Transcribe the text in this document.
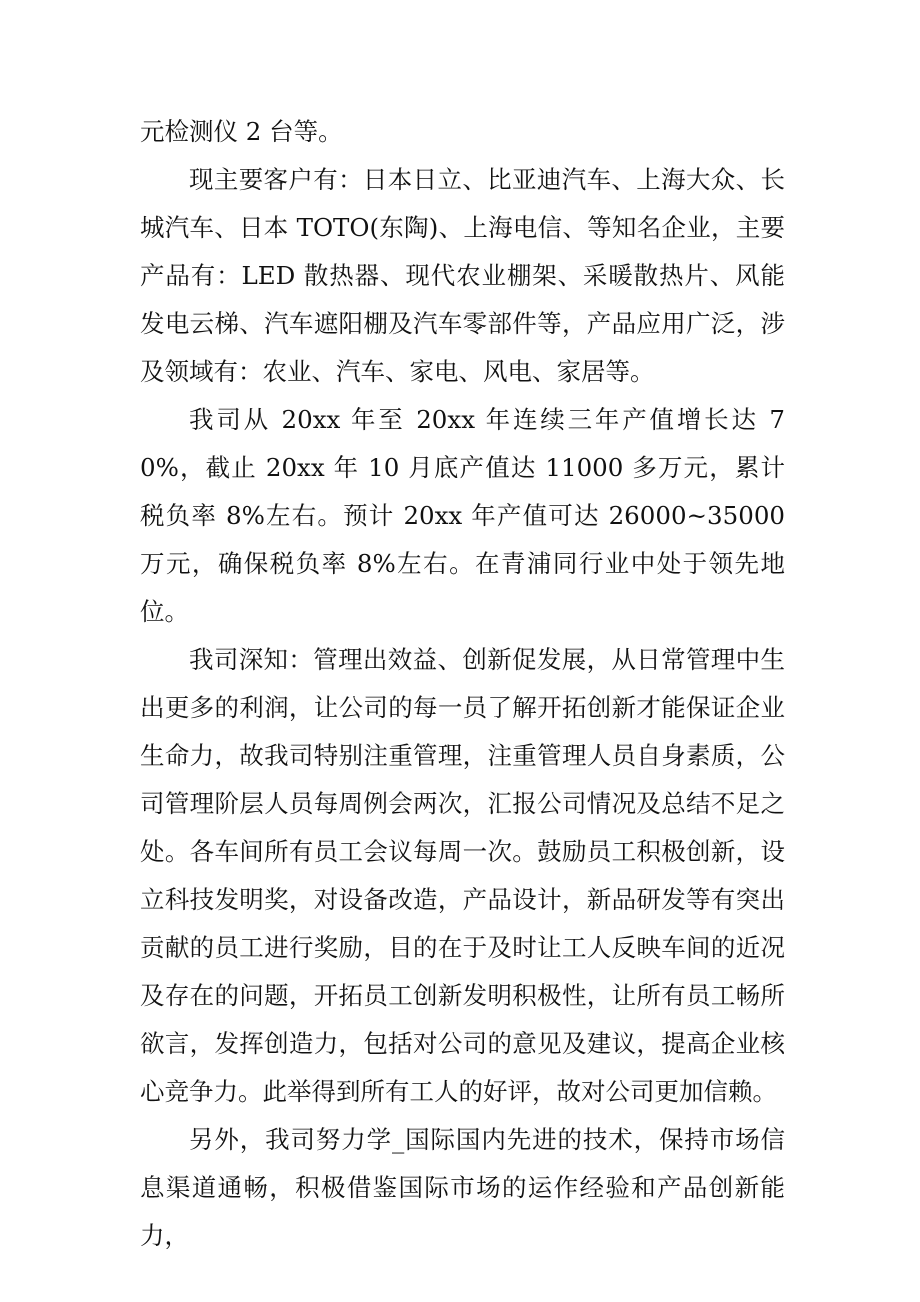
元检测仪 2 台等。

现主要客户有：日本日立、比亚迪汽车、上海大众、长城汽车、日本 TOTO(东陶)、上海电信、等知名企业，主要产品有：LED 散热器、现代农业棚架、采暖散热片、风能发电云梯、汽车遮阳棚及汽车零部件等，产品应用广泛，涉及领域有：农业、汽车、家电、风电、家居等。

我司从 20xx 年至 20xx 年连续三年产值增长达 70%，截止 20xx 年 10 月底产值达 11000 多万元，累计税负率 8%左右。预计 20xx 年产值可达 26000~35000 万元，确保税负率 8%左右。在青浦同行业中处于领先地位。

我司深知：管理出效益、创新促发展，从日常管理中生出更多的利润，让公司的每一员了解开拓创新才能保证企业生命力，故我司特别注重管理，注重管理人员自身素质，公司管理阶层人员每周例会两次，汇报公司情况及总结不足之处。各车间所有员工会议每周一次。鼓励员工积极创新，设立科技发明奖，对设备改造，产品设计，新品研发等有突出贡献的员工进行奖励，目的在于及时让工人反映车间的近况及存在的问题，开拓员工创新发明积极性，让所有员工畅所欲言，发挥创造力，包括对公司的意见及建议，提高企业核心竞争力。此举得到所有工人的好评，故对公司更加信赖。

另外，我司努力学_国际国内先进的技术，保持市场信息渠道通畅，积极借鉴国际市场的运作经验和产品创新能力，
